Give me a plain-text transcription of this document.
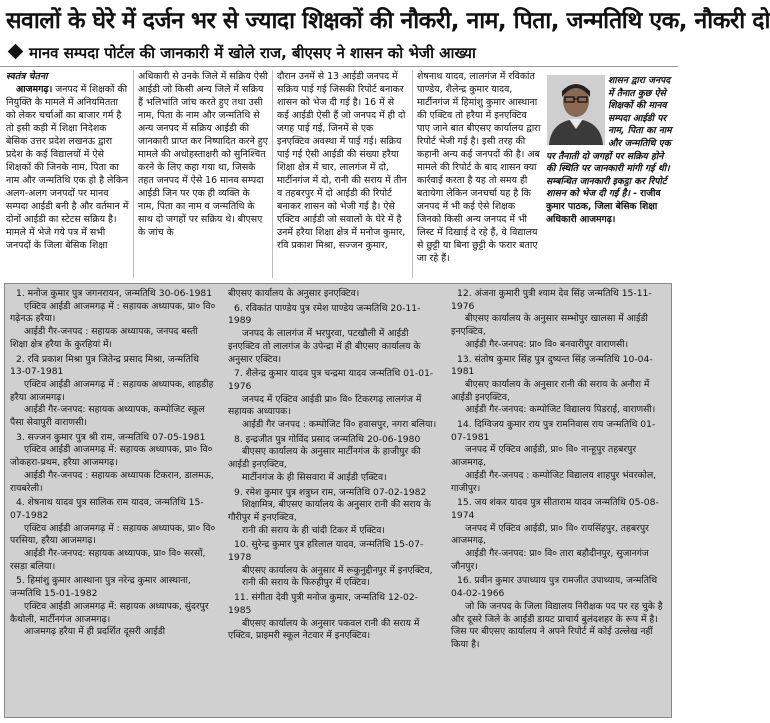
सवालों के घेरे में दर्जन भर से ज्यादा शिक्षकों की नौकरी, नाम, पिता, जन्मतिथि एक, नौकरी दो
मानव सम्पदा पोर्टल की जानकारी में खोले राज, बीएसए ने शासन को भेजी आख्या

स्वतंत्र चेतना

आजमगढ़। जनपद में शिक्षकों की नियुक्ति के मामले में अनियमितता को लेकर चर्चाओं का बाजार गर्म है तो इसी कड़ी में शिक्षा निदेशक बेसिक उत्तर प्रदेश लखनऊ द्वारा प्रदेश के कई विद्यालयों में ऐसे शिक्षकों की जिनके नाम, पिता का नाम और जन्मतिथि एक हो है लेकिन अलग-अलग जनपदों पर मानव सम्पदा आईडी बनी है और वर्तमान में दोनों आईडी का स्टेटस सक्रिय है। मामले में भेजे गये पत्र में सभी जनपदों के जिला बेसिक शिक्षा

अधिकारी से उनके जिले में सक्रिय ऐसी आईडी जो किसी अन्य जिले में सक्रिय हैं भलिभांति जांच करते हुए तथा उसी नाम, पिता के नाम और जन्मतिथि से अन्य जनपद में सक्रिय आईडी की जानकारी प्राप्त कर निष्पादित करने हुए मामले की अधोहस्ताक्षरी को सुनिश्चित करने के लिए कहा गया था, जिसके तहत जनपद में ऐसे 16 मानव सम्पदा आईडी जिन पर एक ही व्यक्ति के नाम, पिता का नाम व जन्मतिथि के साथ दो जगहों पर सक्रिय थे। बीएसए के जांच के

दौरान उनमें से 13 आईडी जनपद में सक्रिय पाई गई जिसकी रिपोर्ट बनाकर शासन को भेज दी गई है। 16 में से कई आईडी ऐसी हैं जो जनपद में ही दो जगह पाई गई, जिनमें से एक इनएक्टिव अवस्था में पाई गई। सक्रिय पाई गई ऐसी आईडी की संख्या हरैया शिक्षा क्षेत्र में चार, लालगंज में दो, मार्टीनगंज में दो, रानी की सराय में तीन व तहबरपुर में दो आईडी की रिपोर्ट बनाकर शासन को भेजी गई है। ऐसे एक्टिव आईडी जो सवालों के घेरे में है उनमें हरैया शिक्षा क्षेत्र में मनोज कुमार, रवि प्रकाश मिश्रा, सज्जन कुमार,

शेषनाथ यादव, लालगंज में रविकांत पाण्डेय, शैलेन्द्र कुमार यादव, मार्टीनगंज में हिमांशु कुमार आस्थाना की एक्टिव तो हरैया में इनएक्टिव पाए जाने बात बीएसए कार्यालय द्वारा रिपोर्ट भेजी गई है। इसी तरह की कहानी अन्य कई जनपदों की है। अब मामले की रिपोर्ट के बाद शासन क्या कार्रवाई करता है यह तो समय ही बतायेगा लेकिन जनचर्चा यह है कि जनपद में भी कई ऐसे शिक्षक जिनको किसी अन्य जनपद में भी लिस्ट में दिखाई दे रहे हैं, वे विद्यालय से छुट्टी या बिना छुट्टी के फरार बताए जा रहे हैं।

शासन द्वारा जनपद में तैनात कुछ ऐसे शिक्षकों की मानव सम्पदा आईडी पर नाम, पिता का नाम और जन्मतिथि एक पर तैनाती दो जगहों पर सक्रिय होने की स्थिति पर जानकारी मांगी गई थी। सम्बन्धित जानकारी इकट्ठा कर रिपोर्ट शासन को भेज दी गई है। - राजीव कुमार पाठक, जिला बेसिक शिक्षा अधिकारी आजमगढ़।
1. मनोज कुमार पुत्र जगनरायन, जन्मतिथि 30-06-1981
एक्टिव आईडी आजमगढ़ में : सहायक अध्यापक, प्रा० वि० गढ़ेनऊ हरैया।
आईडी गैर-जनपद : सहायक अध्यापक, जनपद बस्ती शिक्षा क्षेत्र हरैया के कुरहियां में।
2. रवि प्रकाश मिश्रा पुत्र जितेन्द्र प्रसाद मिश्रा, जन्मतिथि 13-07-1981
एक्टिव आईडी आजमगढ़ में : सहायक अध्यापक, शाहडीह हरैया आजमगढ़।
आईडी गैर-जनपद: सहायक अध्यापक, कम्पोजिट स्कूल पैसा सेवापुरी वाराणसी।
3. सज्जन कुमार पुत्र श्री राम, जन्मतिथि 07-05-1981
एक्टिव आईडी आजमगढ़ में: सहायक अध्यापक, प्रा० वि० जोकहरा-प्रथम, हरैया आजमगढ़।
आईडी गैर-जनपद : सहायक अध्यापक टिकरान, डालमऊ, रायबरेली।
4. शेषनाथ यादव पुत्र सालिक राम यादव, जन्मतिथि 15-07-1982
एक्टिव आईडी आजमगढ़ में : सहायक अध्यापक, प्रा० वि० परसिया, हरैया आजमगढ़।
आईडी गैर-जनपद: सहायक अध्यापक, प्रा० वि० सरसों, रसड़ा बलिया।
5. हिमांशु कुमार आस्थाना पुत्र नरेन्द्र कुमार आस्थाना, जन्मतिथि 15-01-1982
एक्टिव आईडी आजमगढ़ में: सहायक अध्यापक, सुंदरपुर कैथोली, मार्टीनगंज आजमगढ़।
आजमगढ़ हरैया में ही प्रदर्शित दूसरी आईडी
बीएसए कार्यालय के अनुसार इनएक्टिव।
6. रविकांत पाण्डेय पुत्र रमेश पाण्डेय जन्मतिथि 20-11-1989
जनपद के लालगंज में भरपुरवा, पटखौली में आईडी इनएक्टिव तो लालगंज के उपेन्द्रा में ही बीएसए कार्यालय के अनुसार एक्टिव।
7. शैलेन्द्र कुमार यादव पुत्र चन्द्रमा यादव जन्मतिथि 01-01-1976
जनपद में एक्टिव आईडी प्रा० वि० टिकरगढ़ लालगंज में सहायक अध्यापक।
आईडी गैर जनपद : कम्पोजिट वि० हवासपुर, नगरा बलिया।
8. इन्द्रजीत पुत्र गोविंद प्रसाद जन्मतिथि 20-06-1980
बीएसए कार्यालय के अनुसार मार्टीनगंज के हाजीपुर की आईडी इनएक्टिव,
मार्टीनगंज के ही सिसवारा में आईडी एक्टिव।
9. रमेश कुमार पुत्र शत्रुघ्न राम, जन्मतिथि 07-02-1982
शिक्षामित्र, बीएसए कार्यालय के अनुसार रानी की सराय के गौरीपुर में इनएक्टिव,
रानी की सराय के ही चांदी टिकर में एक्टिव।
10. सुरेन्द्र कुमार पुत्र हरिलाल यादव, जन्मतिथि 15-07-1978
बीएसए कार्यालय के अनुसार में रूकुनुद्दीनपुर में इनएक्टिव,
रानी की सराय के फिरुहीपुर में एक्टिव।
11. संगीता देवी पुत्री मनोज कुमार, जन्मतिथि 12-02-1985
बीएसए कार्यालय के अनुसार पकवल रानी की सराय में एक्टिव, प्राइमरी स्कूल नेटवार में इनएक्टिव।
12. अंजना कुमारी पुत्री श्याम देव सिंह जन्मतिथि 15-11-1976
बीएसए कार्यालय के अनुसार सम्भोपुर खालसा में आईडी इनएक्टिव,
आईडी गैर-जनपद: प्रा० वि० बनवारीपुर वाराणसी।
13. संतोष कुमार सिंह पुत्र दुष्यन्त सिंह जन्मतिथि 10-04-1981
बीएसए कार्यालय के अनुसार रानी की सराय के अनौरा में आईडी इनएक्टिव,
आईडी गैर-जनपद: कम्पोजिट विद्यालय पिडराई, वाराणसी।
14. दिग्विजय कुमार राय पुत्र रामनिवास राय जन्मतिथि 01-07-1981
जनपद में एक्टिव आईडी, प्रा० वि० नान्हूपुर तहबरपुर आजमगढ़,
आईडी गैर-जनपद : कम्पोजिट विद्यालय शाहपुर भंवरकोल, गाजीपुर।
15. जय शंकर यादव पुत्र सीताराम यादव जन्मतिथि 05-08-1974
जनपद में एक्टिव आईडी, प्रा० वि० रायसिंहपुर, तहबरपुर आजमगढ़,
आईडी गैर-जनपद: प्रा० वि० तारा बहौदीनपुर, सुजानगंज जौनपुर।
16. प्रवीन कुमार उपाध्याय पुत्र रामजीत उपाध्याय, जन्मतिथि 04-02-1966
जो कि जनपद के जिला विद्यालय निरीक्षक पद पर रह चुके है और दूसरे जिले के आईडी डायट प्राचार्य बुलंदशहर के रूप में है। जिस पर बीएसए कार्यालय ने अपने रिपोर्ट में कोई उल्लेख नहीं किया है।
